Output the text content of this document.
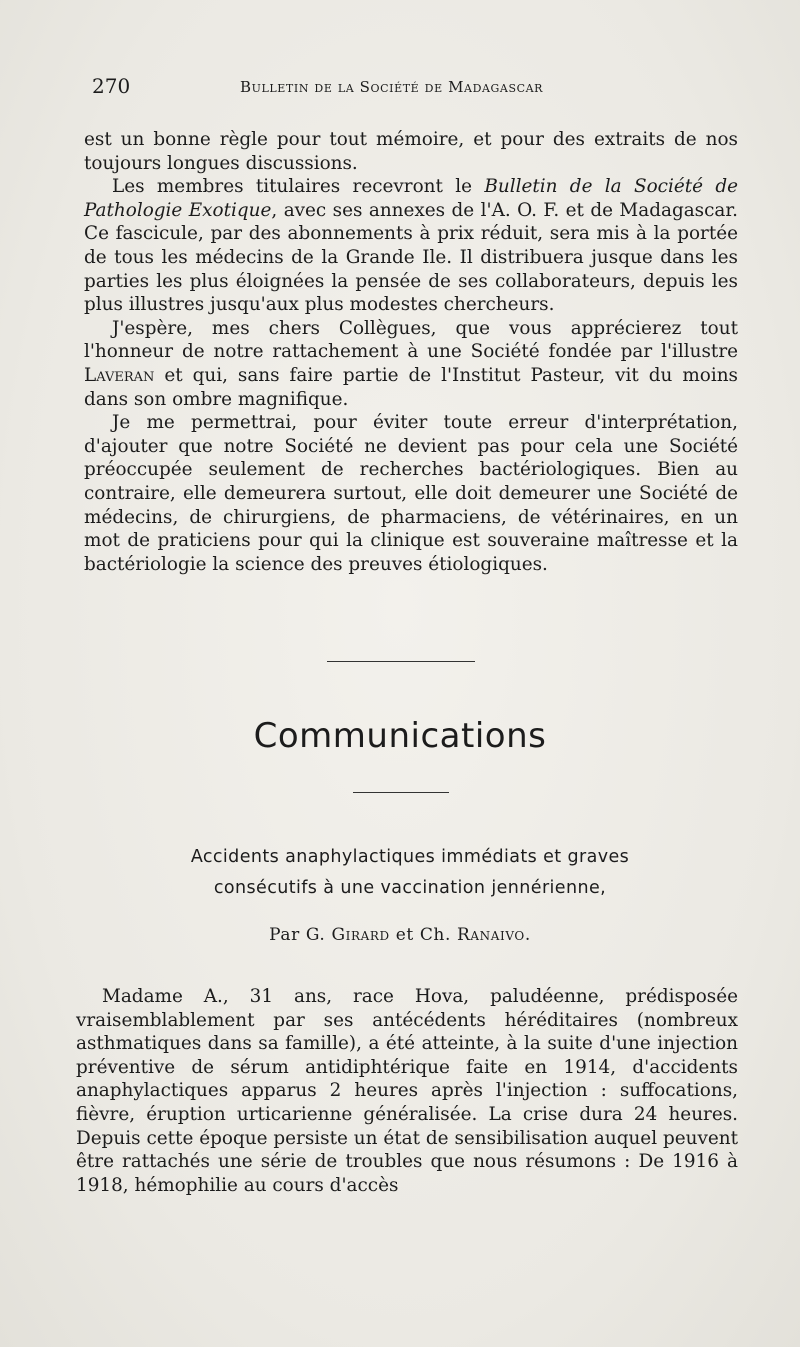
270	Bulletin de la Société de Madagascar

est un bonne règle pour tout mémoire, et pour des extraits de nos toujours longues discussions.

Les membres titulaires recevront le Bulletin de la Société de Pathologie Exotique, avec ses annexes de l'A. O. F. et de Madagascar. Ce fascicule, par des abonnements à prix réduit, sera mis à la portée de tous les médecins de la Grande Ile. Il distribuera jusque dans les parties les plus éloignées la pensée de ses collaborateurs, depuis les plus illustres jusqu'aux plus modestes chercheurs.

J'espère, mes chers Collègues, que vous apprécierez tout l'honneur de notre rattachement à une Société fondée par l'illustre Laveran et qui, sans faire partie de l'Institut Pasteur, vit du moins dans son ombre magnifique.

Je me permettrai, pour éviter toute erreur d'interprétation, d'ajouter que notre Société ne devient pas pour cela une Société préoccupée seulement de recherches bactériologiques. Bien au contraire, elle demeurera surtout, elle doit demeurer une Société de médecins, de chirurgiens, de pharmaciens, de vétérinaires, en un mot de praticiens pour qui la clinique est souveraine maîtresse et la bactériologie la science des preuves étiologiques.

Communications
Accidents anaphylactiques immédiats et graves
consécutifs à une vaccination jennérienne,
Par G. Girard et Ch. Ranaivo.

Madame A., 31 ans, race Hova, paludéenne, prédisposée vraisemblablement par ses antécédents héréditaires (nombreux asthmatiques dans sa famille), a été atteinte, à la suite d'une injection préventive de sérum antidiphtérique faite en 1914, d'accidents anaphylactiques apparus 2 heures après l'injection : suffocations, fièvre, éruption urticarienne généralisée. La crise dura 24 heures. Depuis cette époque persiste un état de sensibilisation auquel peuvent être rattachés une série de troubles que nous résumons : De 1916 à 1918, hémophilie au cours d'accès
